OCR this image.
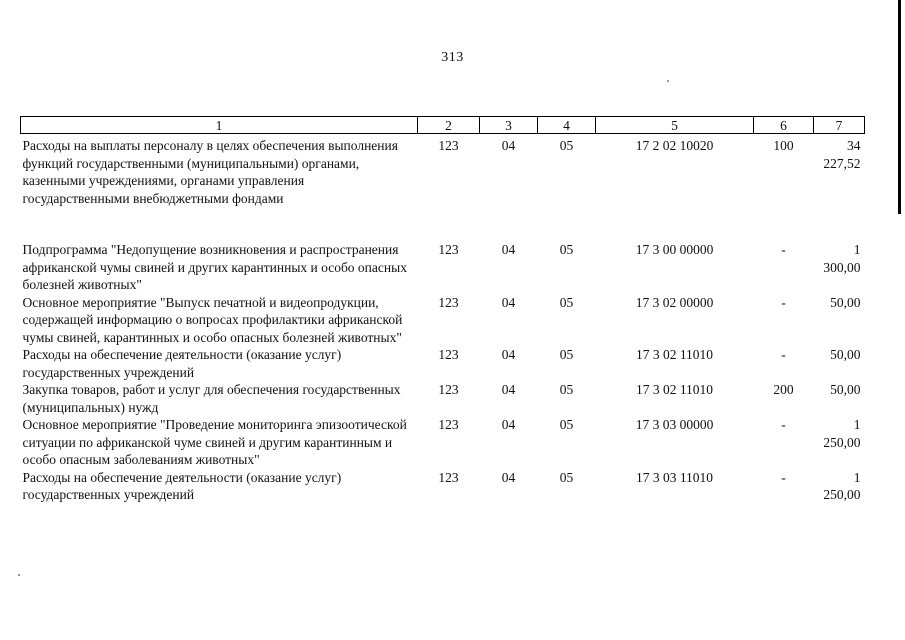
313
1	2	3	4	5	6	7
Расходы на выплаты персоналу в целях обеспечения выполнения функций государственными (муниципальными) органами, казенными учреждениями, органами управления государственными внебюджетными фондами	123	04	05	17 2 02 10020	100	34 227,52
Подпрограмма "Недопущение возникновения и распространения африканской чумы свиней и других карантинных и особо опасных болезней животных"	123	04	05	17 3 00 00000	-	1 300,00
Основное мероприятие "Выпуск печатной и видеопродукции, содержащей информацию о вопросах профилактики африканской чумы свиней, карантинных и особо опасных болезней животных"	123	04	05	17 3 02 00000	-	50,00
Расходы на обеспечение деятельности (оказание услуг) государственных учреждений	123	04	05	17 3 02 11010	-	50,00
Закупка товаров, работ и услуг для обеспечения государственных (муниципальных) нужд	123	04	05	17 3 02 11010	200	50,00
Основное мероприятие "Проведение мониторинга эпизоотической ситуации по африканской чуме свиней и другим карантинным и особо опасным заболеваниям животных"	123	04	05	17 3 03 00000	-	1 250,00
Расходы на обеспечение деятельности (оказание услуг) государственных учреждений	123	04	05	17 3 03 11010	-	1 250,00
